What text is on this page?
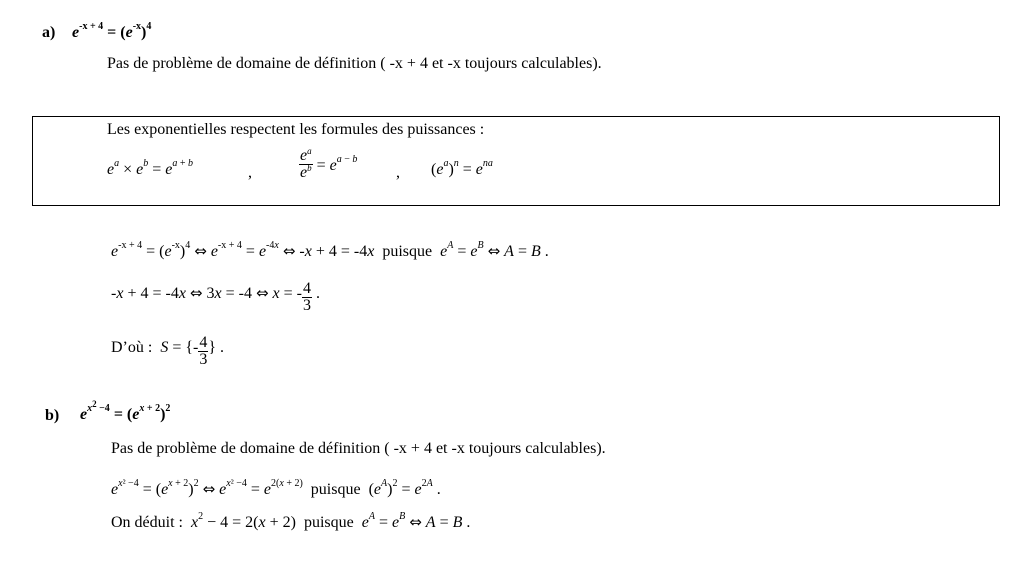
a) $e^{-x + 4} = (e^{-x})^4$
Pas de problème de domaine de définition ( -x + 4 et -x toujours calculables).
Les exponentielles respectent les formules des puissances :
$e^a \times e^b = e^{a + b}$
,	$\frac{e^a}{e^b} = e^{a - b}$
, $(e^a)^n = e^{na}$
$e^{-x + 4} = (e^{-x})^4$ ⇔ $e^{-x + 4} = e^{-4x}$ ⇔ -x + 4 = -4x puisque $e^A = e^B$ ⇔ A = B .
-x + 4 = -4x ⇔ 3x = -4 ⇔ x = - $\frac{4}{3}$ .
D’où : S = {- $\frac{4}{3}$ } .
b) $e^{x2 -4} = (e^{x + 2})^2$
Pas de problème de domaine de définition ( -x + 4 et -x toujours calculables).
$e^{x^2 -4} = (e^{x + 2})^2$ ⇔ $e^{x^2 -4} = e^{2(x + 2)}$ puisque  $(e^A)^2 = e^{2A}$ .
On déduit : $x^2 - 4 = 2(x + 2)$  puisque $e^A = e^B$ ⇔ A = B .
